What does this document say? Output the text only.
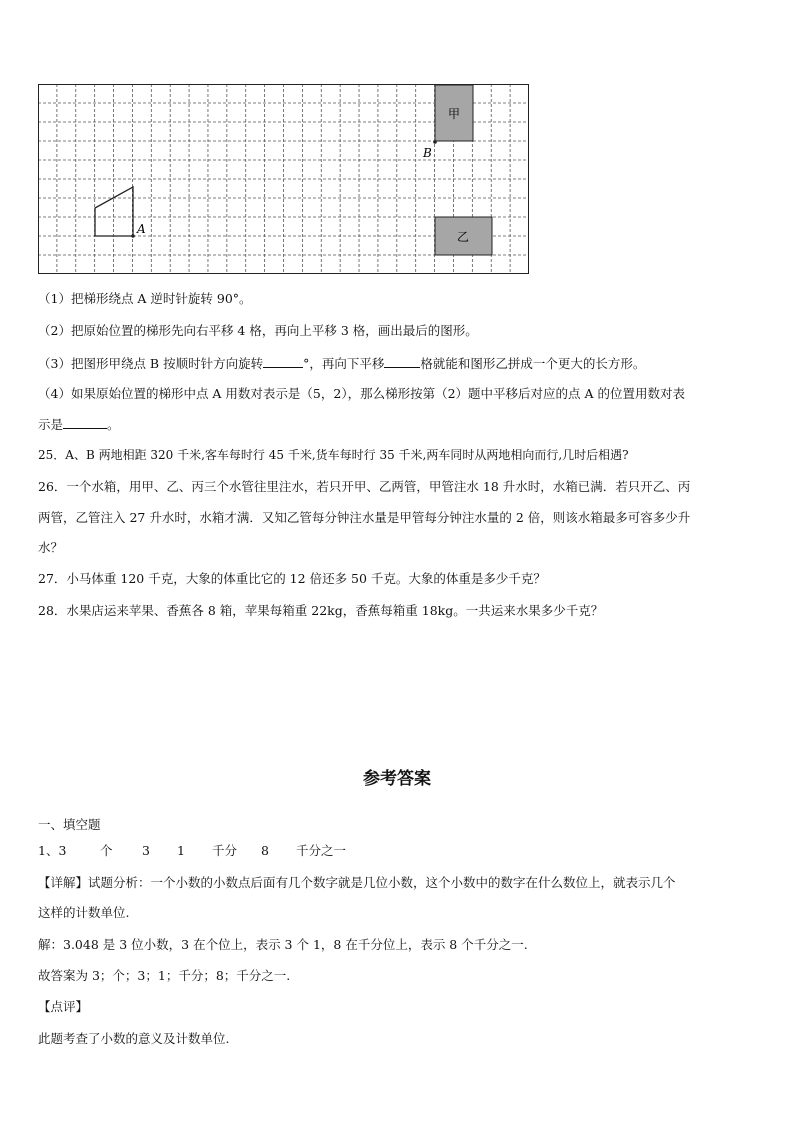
A
甲
B
乙
（1）把梯形绕点 A 逆时针旋转 90°。
（2）把原始位置的梯形先向右平移 4 格，再向上平移 3 格，画出最后的图形。
（3）把图形甲绕点 B 按顺时针方向旋转	°，再向下平移	格就能和图形乙拼成一个更大的长方形。
（4）如果原始位置的梯形中点 A 用数对表示是（5，2），那么梯形按第（2）题中平移后对应的点 A 的位置用数对表
示是	。
25．A、B 两地相距 320 千米,客车每时行 45 千米,货车每时行 35 千米,两车同时从两地相向而行,几时后相遇?
26．一个水箱，用甲、乙、丙三个水管往里注水，若只开甲、乙两管，甲管注水 18 升水时，水箱已满．若只开乙、丙
两管，乙管注入 27 升水时，水箱才满．又知乙管每分钟注水量是甲管每分钟注水量的 2 倍，则该水箱最多可容多少升
水？
27．小马体重 120 千克，大象的体重比它的 12 倍还多 50 千克。大象的体重是多少千克？
28．水果店运来苹果、香蕉各 8 箱，苹果每箱重 22kg，香蕉每箱重 18kg。一共运来水果多少千克？
参考答案
一、填空题
1、3	个 3 1 千分 8 千分之一
【详解】试题分析：一个小数的小数点后面有几个数字就是几位小数，这个小数中的数字在什么数位上，就表示几个
这样的计数单位.
解：3.048 是 3 位小数，3 在个位上，表示 3 个 1，8 在千分位上，表示 8 个千分之一.
故答案为 3；个；3；1；千分；8；千分之一.
【点评】
此题考查了小数的意义及计数单位.
